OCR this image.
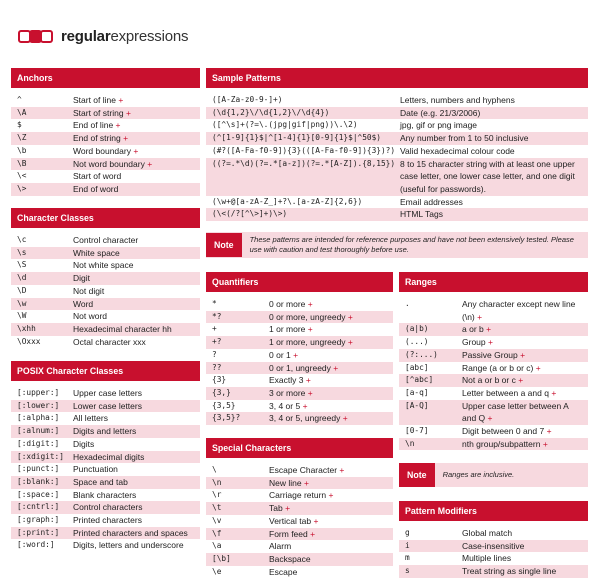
regularexpressions
Anchors
^	Start of line +
\A	Start of string +
$	End of line +
\Z	End of string +
\b	Word boundary +
\B	Not word boundary +
\<	Start of word
\>	End of word
Character Classes
\c	Control character
\s	White space
\S	Not white space
\d	Digit
\D	Not digit
\w	Word
\W	Not word
\xhh	Hexadecimal character hh
\Oxxx	Octal character xxx
POSIX Character Classes
[:upper:]	Upper case letters
[:lower:]	Lower case letters
[:alpha:]	All letters
[:alnum:]	Digits and letters
[:digit:]	Digits
[:xdigit:]	Hexadecimal digits
[:punct:]	Punctuation
[:blank:]	Space and tab
[:space:]	Blank characters
[:cntrl:]	Control characters
[:graph:]	Printed characters
[:print:]	Printed characters and spaces
[:word:]	Digits, letters and underscore
Sample Patterns
([A-Za-z0-9-]+)	Letters, numbers and hyphens
(\d{1,2}\/\d{1,2}\/\d{4})	Date (e.g. 21/3/2006)
([^\s]+(?=\.(jpg|gif|png))\.\2)	jpg, gif or png image
(^[1-9]{1}$|^[1-4]{1}[0-9]{1}$|^50$)	Any number from 1 to 50 inclusive
(#?([A-Fa-f0-9]){3}(([A-Fa-f0-9]){3})?) Valid hexadecimal colour code
((?=.*\d)(?=.*[a-z])(?=.*[A-Z]).{8,15}) 8 to 15 character string with at least one upper case letter, one lower case letter, and one digit (useful for passwords).
(\w+@[a-zA-Z_]+?\.[a-zA-Z]{2,6})	Email addresses
(\<(/?[^\>]+)\>)	HTML Tags
Note
These patterns are intended for reference purposes and have not been extensively tested. Please use with caution and test thoroughly before use.
Quantifiers
*	0 or more +
*?	0 or more, ungreedy +
+	1 or more +
+?	1 or more, ungreedy +
?	0 or 1 +
??	0 or 1, ungreedy +
{3}	Exactly 3 +
{3,}	3 or more +
{3,5}	3, 4 or 5 +
{3,5}?	3, 4 or 5, ungreedy +
Ranges
.	Any character except new line (\n) +
(a|b)	a or b +
(...)	Group +
(?:...)	Passive Group +
[abc]	Range (a or b or c) +
[^abc]	Not a or b or c +
[a-q]	Letter between a and q +
[A-Q]	Upper case letter between A and Q +
[0-7]	Digit between 0 and 7 +
\n	nth group/subpattern +
Note	Ranges are inclusive.
Special Characters
\	Escape Character +
\n	New line +
\r	Carriage return +
\t	Tab +
\v	Vertical tab +
\f	Form feed +
\a	Alarm
[\b]	Backspace
\e	Escape
Pattern Modifiers
g	Global match
i	Case-insensitive
m	Multiple lines
s	Treat string as single line
